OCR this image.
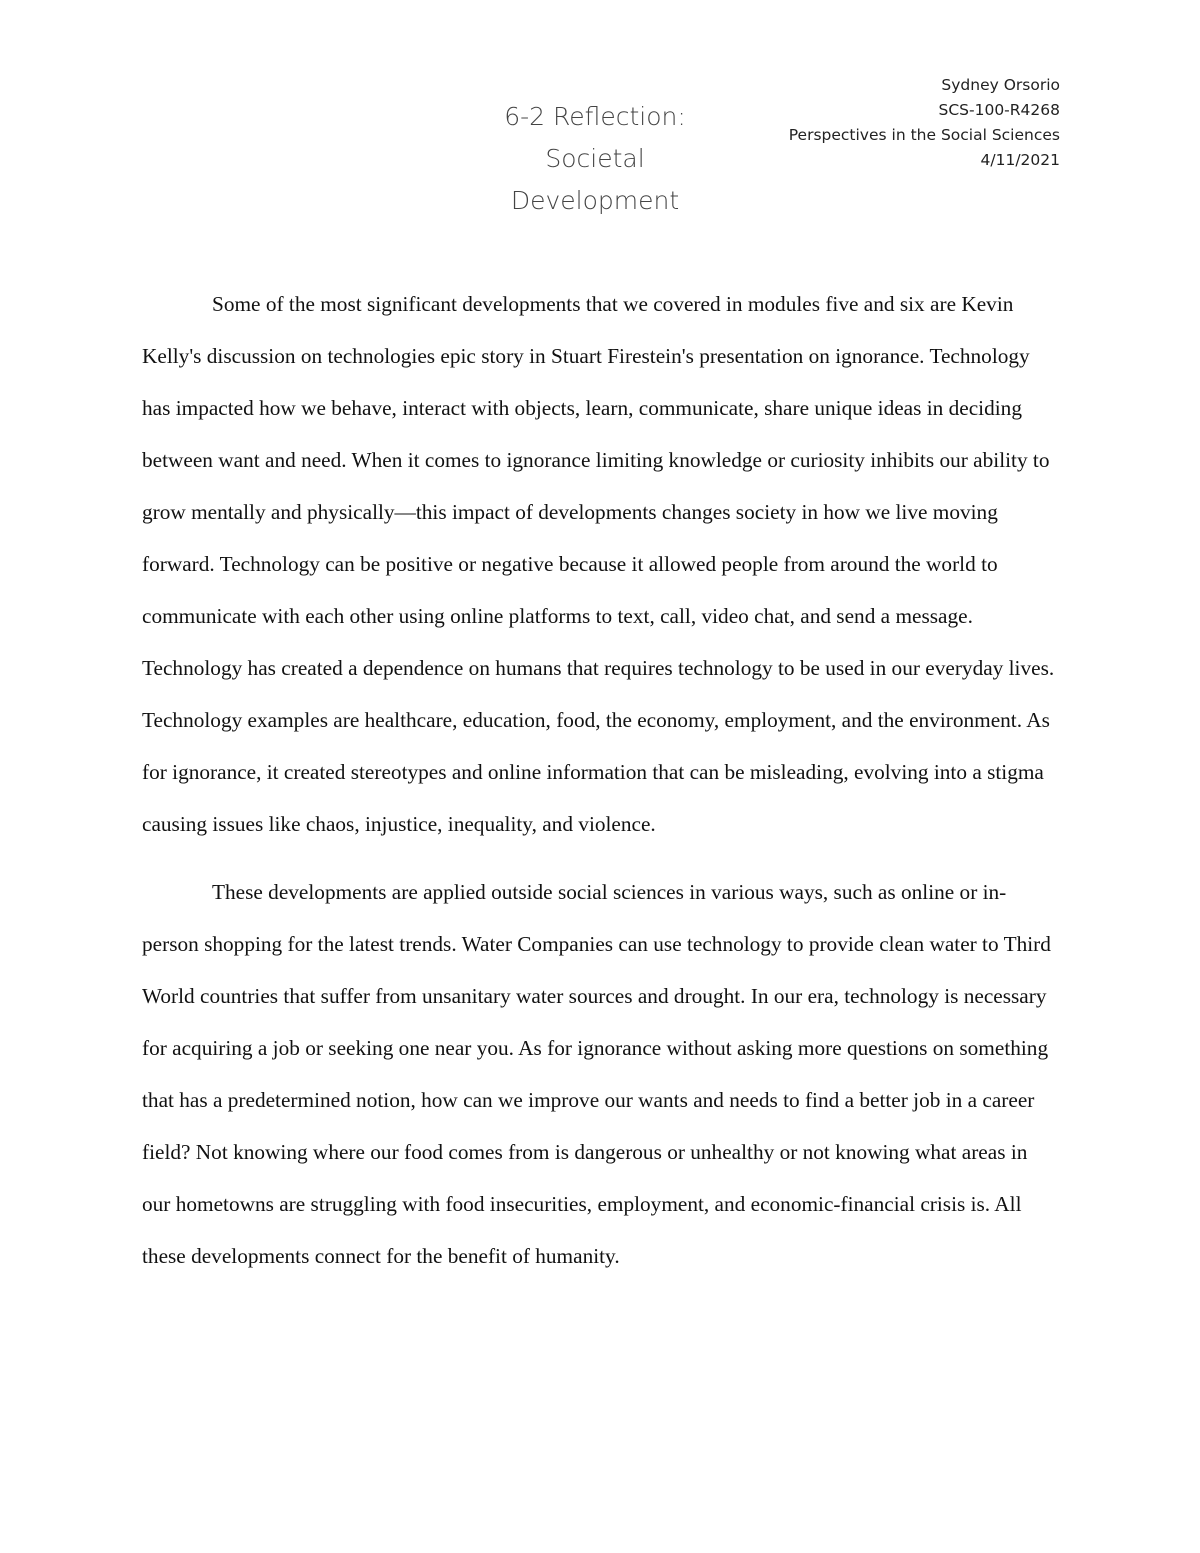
Sydney Orsorio
SCS-100-R4268
Perspectives in the Social Sciences
4/11/2021
6-2 Reflection:
Societal
Development

Some of the most significant developments that we covered in modules five and six are Kevin Kelly's discussion on technologies epic story in Stuart Firestein's presentation on ignorance. Technology has impacted how we behave, interact with objects, learn, communicate, share unique ideas in deciding between want and need. When it comes to ignorance limiting knowledge or curiosity inhibits our ability to grow mentally and physically—this impact of developments changes society in how we live moving forward. Technology can be positive or negative because it allowed people from around the world to communicate with each other using online platforms to text, call, video chat, and send a message. Technology has created a dependence on humans that requires technology to be used in our everyday lives. Technology examples are healthcare, education, food, the economy, employment, and the environment. As for ignorance, it created stereotypes and online information that can be misleading, evolving into a stigma causing issues like chaos, injustice, inequality, and violence.

These developments are applied outside social sciences in various ways, such as online or in-person shopping for the latest trends. Water Companies can use technology to provide clean water to Third World countries that suffer from unsanitary water sources and drought. In our era, technology is necessary for acquiring a job or seeking one near you. As for ignorance without asking more questions on something that has a predetermined notion, how can we improve our wants and needs to find a better job in a career field? Not knowing where our food comes from is dangerous or unhealthy or not knowing what areas in our hometowns are struggling with food insecurities, employment, and economic-financial crisis is. All these developments connect for the benefit of humanity.
